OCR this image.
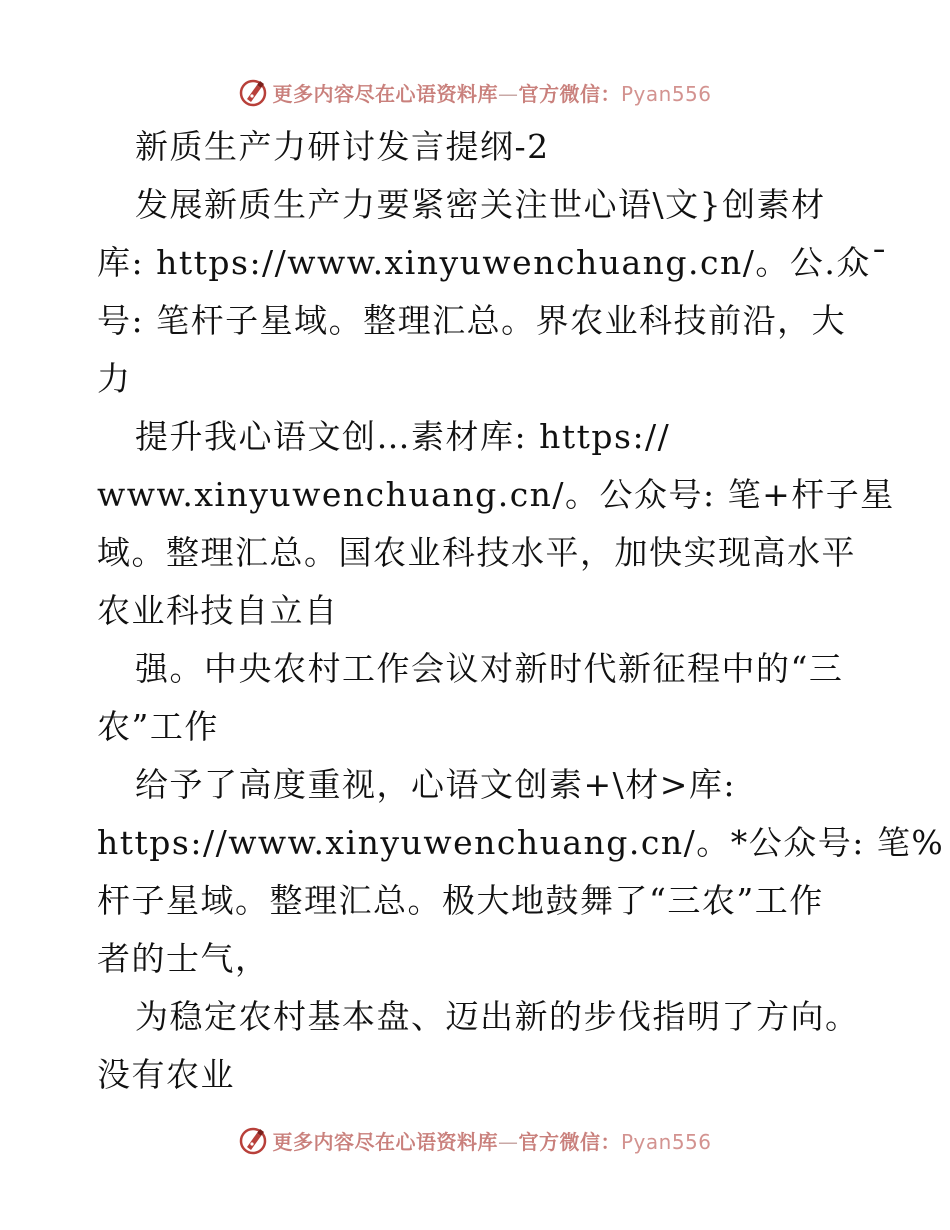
更多内容尽在心语资料库—官方微信：Pyan556
新质生产力研讨发言提纲-2
发展新质生产力要紧密关注世心语\文}创素材
库: https://www.xinyuwenchuang.cn/。公.众¯
号: 笔杆子星域。整理汇总。界农业科技前沿，大
力
提升我心语文创…素材库: https://
www.xinyuwenchuang.cn/。公众号: 笔+杆子星
域。整理汇总。国农业科技水平，加快实现高水平
农业科技自立自
强。中央农村工作会议对新时代新征程中的“三
农”工作
给予了高度重视，心语文创素+\材>库:
https://www.xinyuwenchuang.cn/。*公众号: 笔%
杆子星域。整理汇总。极大地鼓舞了“三农”工作
者的士气，
为稳定农村基本盘、迈出新的步伐指明了方向。
没有农业
更多内容尽在心语资料库—官方微信：Pyan556
